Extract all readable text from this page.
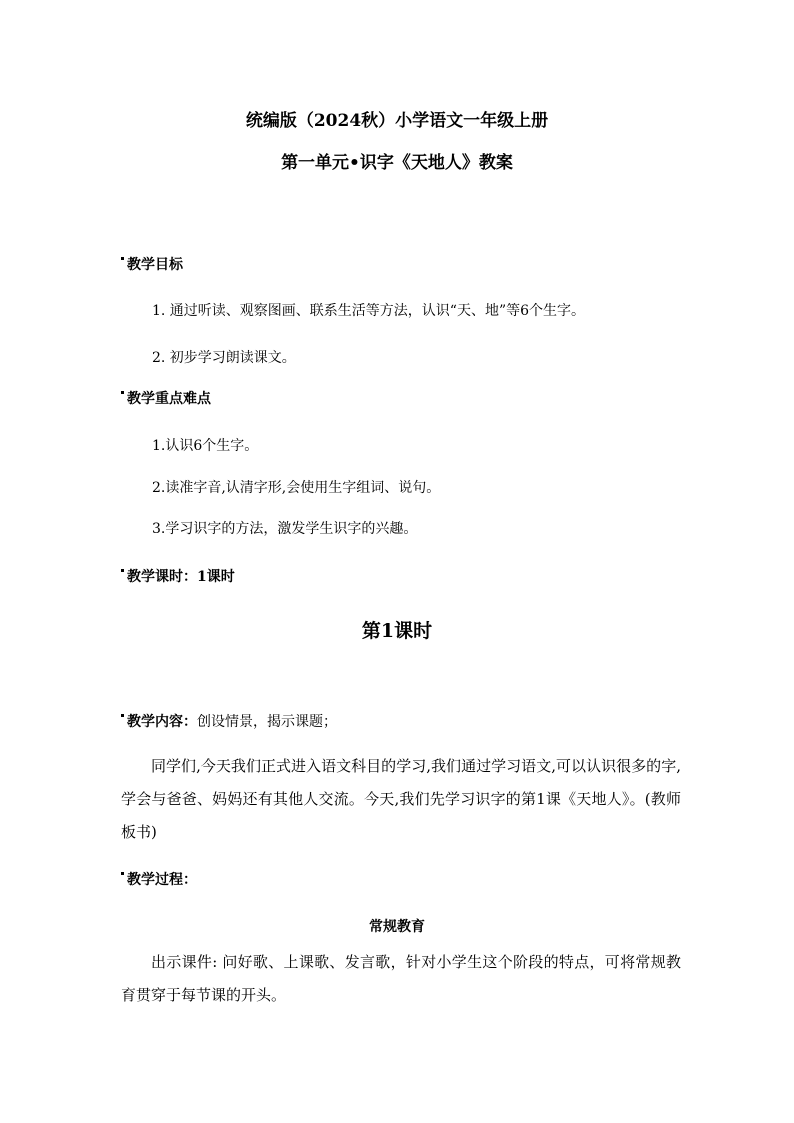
统编版（2024秋）小学语文一年级上册
第一单元•识字《天地人》教案
教学目标
1. 通过听读、观察图画、联系生活等方法，认识“天、地”等6个生字。
2. 初步学习朗读课文。
教学重点难点
1.认识6个生字。
2.读准字音,认清字形,会使用生字组词、说句。
3.学习识字的方法，激发学生识字的兴趣。
教学课时：1课时
第1课时
教学内容：创设情景，揭示课题；
同学们,今天我们正式进入语文科目的学习,我们通过学习语文,可以认识很多的字,学会与爸爸、妈妈还有其他人交流。今天,我们先学习识字的第1课《天地人》。(教师板书)
教学过程：
常规教育
出示课件: 问好歌、上课歌、发言歌，针对小学生这个阶段的特点，可将常规教育贯穿于每节课的开头。
